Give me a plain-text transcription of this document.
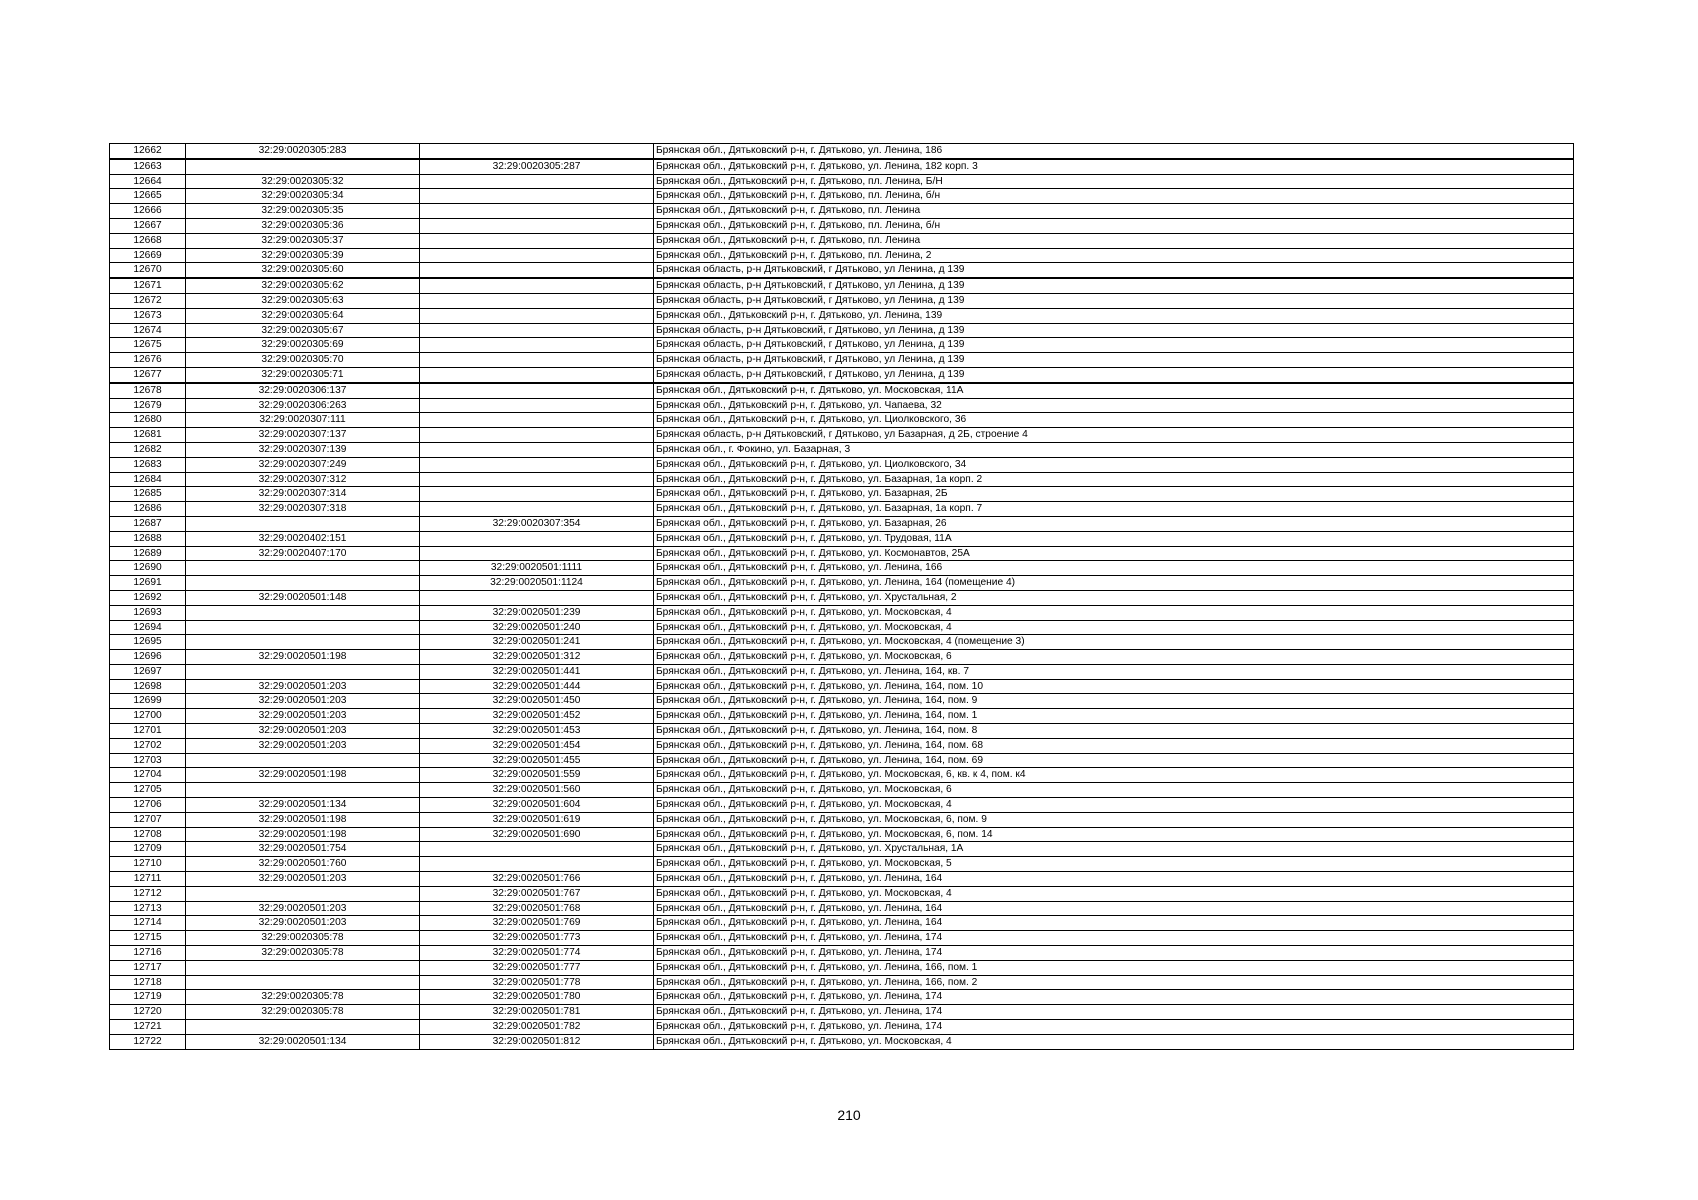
12662	32:29:0020305:283		Брянская обл., Дятьковский р-н, г. Дятьково, ул. Ленина, 186
12663		32:29:0020305:287	Брянская обл., Дятьковский р-н, г. Дятьково, ул. Ленина, 182 корп. 3
12664	32:29:0020305:32		Брянская обл., Дятьковский р-н, г. Дятьково, пл. Ленина, Б/Н
12665	32:29:0020305:34		Брянская обл., Дятьковский р-н, г. Дятьково, пл. Ленина, б/н
12666	32:29:0020305:35		Брянская обл., Дятьковский р-н, г. Дятьково, пл. Ленина
12667	32:29:0020305:36		Брянская обл., Дятьковский р-н, г. Дятьково, пл. Ленина, б/н
12668	32:29:0020305:37		Брянская обл., Дятьковский р-н, г. Дятьково, пл. Ленина
12669	32:29:0020305:39		Брянская обл., Дятьковский р-н, г. Дятьково, пл. Ленина, 2
12670	32:29:0020305:60		Брянская область, р-н Дятьковский, г Дятьково, ул Ленина, д 139
12671	32:29:0020305:62		Брянская область, р-н Дятьковский, г Дятьково, ул Ленина, д 139
12672	32:29:0020305:63		Брянская область, р-н Дятьковский, г Дятьково, ул Ленина, д 139
12673	32:29:0020305:64		Брянская обл., Дятьковский р-н, г. Дятьково, ул. Ленина, 139
12674	32:29:0020305:67		Брянская область, р-н Дятьковский, г Дятьково, ул Ленина, д 139
12675	32:29:0020305:69		Брянская область, р-н Дятьковский, г Дятьково, ул Ленина, д 139
12676	32:29:0020305:70		Брянская область, р-н Дятьковский, г Дятьково, ул Ленина, д 139
12677	32:29:0020305:71		Брянская область, р-н Дятьковский, г Дятьково, ул Ленина, д 139
12678	32:29:0020306:137		Брянская обл., Дятьковский р-н, г. Дятьково, ул. Московская, 11А
12679	32:29:0020306:263		Брянская обл., Дятьковский р-н, г. Дятьково, ул. Чапаева, 32
12680	32:29:0020307:111		Брянская обл., Дятьковский р-н, г. Дятьково, ул. Циолковского, 36
12681	32:29:0020307:137		Брянская область, р-н Дятьковский, г Дятьково, ул Базарная, д 2Б, строение 4
12682	32:29:0020307:139		Брянская обл., г. Фокино, ул. Базарная, 3
12683	32:29:0020307:249		Брянская обл., Дятьковский р-н, г. Дятьково, ул. Циолковского, 34
12684	32:29:0020307:312		Брянская обл., Дятьковский р-н, г. Дятьково, ул. Базарная, 1а корп. 2
12685	32:29:0020307:314		Брянская обл., Дятьковский р-н, г. Дятьково, ул. Базарная, 2Б
12686	32:29:0020307:318		Брянская обл., Дятьковский р-н, г. Дятьково, ул. Базарная, 1а корп. 7
12687		32:29:0020307:354	Брянская обл., Дятьковский р-н, г. Дятьково, ул. Базарная, 26
12688	32:29:0020402:151		Брянская обл., Дятьковский р-н, г. Дятьково, ул. Трудовая, 11А
12689	32:29:0020407:170		Брянская обл., Дятьковский р-н, г. Дятьково, ул. Космонавтов, 25А
12690		32:29:0020501:1111	Брянская обл., Дятьковский р-н, г. Дятьково, ул. Ленина, 166
12691		32:29:0020501:1124	Брянская обл., Дятьковский р-н, г. Дятьково, ул. Ленина, 164 (помещение 4)
12692	32:29:0020501:148		Брянская обл., Дятьковский р-н, г. Дятьково, ул. Хрустальная, 2
12693		32:29:0020501:239	Брянская обл., Дятьковский р-н, г. Дятьково, ул. Московская, 4
12694		32:29:0020501:240	Брянская обл., Дятьковский р-н, г. Дятьково, ул. Московская, 4
12695		32:29:0020501:241	Брянская обл., Дятьковский р-н, г. Дятьково, ул. Московская, 4 (помещение 3)
12696	32:29:0020501:198	32:29:0020501:312	Брянская обл., Дятьковский р-н, г. Дятьково, ул. Московская, 6
12697		32:29:0020501:441	Брянская обл., Дятьковский р-н, г. Дятьково, ул. Ленина, 164, кв. 7
12698	32:29:0020501:203	32:29:0020501:444	Брянская обл., Дятьковский р-н, г. Дятьково, ул. Ленина, 164, пом. 10
12699	32:29:0020501:203	32:29:0020501:450	Брянская обл., Дятьковский р-н, г. Дятьково, ул. Ленина, 164, пом. 9
12700	32:29:0020501:203	32:29:0020501:452	Брянская обл., Дятьковский р-н, г. Дятьково, ул. Ленина, 164, пом. 1
12701	32:29:0020501:203	32:29:0020501:453	Брянская обл., Дятьковский р-н, г. Дятьково, ул. Ленина, 164, пом. 8
12702	32:29:0020501:203	32:29:0020501:454	Брянская обл., Дятьковский р-н, г. Дятьково, ул. Ленина, 164, пом. 68
12703		32:29:0020501:455	Брянская обл., Дятьковский р-н, г. Дятьково, ул. Ленина, 164, пом. 69
12704	32:29:0020501:198	32:29:0020501:559	Брянская обл., Дятьковский р-н, г. Дятьково, ул. Московская, 6, кв. к 4, пом. к4
12705		32:29:0020501:560	Брянская обл., Дятьковский р-н, г. Дятьково, ул. Московская, 6
12706	32:29:0020501:134	32:29:0020501:604	Брянская обл., Дятьковский р-н, г. Дятьково, ул. Московская, 4
12707	32:29:0020501:198	32:29:0020501:619	Брянская обл., Дятьковский р-н, г. Дятьково, ул. Московская, 6, пом. 9
12708	32:29:0020501:198	32:29:0020501:690	Брянская обл., Дятьковский р-н, г. Дятьково, ул. Московская, 6, пом. 14
12709	32:29:0020501:754		Брянская обл., Дятьковский р-н, г. Дятьково, ул. Хрустальная, 1А
12710	32:29:0020501:760		Брянская обл., Дятьковский р-н, г. Дятьково, ул. Московская, 5
12711	32:29:0020501:203	32:29:0020501:766	Брянская обл., Дятьковский р-н, г. Дятьково, ул. Ленина, 164
12712		32:29:0020501:767	Брянская обл., Дятьковский р-н, г. Дятьково, ул. Московская, 4
12713	32:29:0020501:203	32:29:0020501:768	Брянская обл., Дятьковский р-н, г. Дятьково, ул. Ленина, 164
12714	32:29:0020501:203	32:29:0020501:769	Брянская обл., Дятьковский р-н, г. Дятьково, ул. Ленина, 164
12715	32:29:0020305:78	32:29:0020501:773	Брянская обл., Дятьковский р-н, г. Дятьково, ул. Ленина, 174
12716	32:29:0020305:78	32:29:0020501:774	Брянская обл., Дятьковский р-н, г. Дятьково, ул. Ленина, 174
12717		32:29:0020501:777	Брянская обл., Дятьковский р-н, г. Дятьково, ул. Ленина, 166, пом. 1
12718		32:29:0020501:778	Брянская обл., Дятьковский р-н, г. Дятьково, ул. Ленина, 166, пом. 2
12719	32:29:0020305:78	32:29:0020501:780	Брянская обл., Дятьковский р-н, г. Дятьково, ул. Ленина, 174
12720	32:29:0020305:78	32:29:0020501:781	Брянская обл., Дятьковский р-н, г. Дятьково, ул. Ленина, 174
12721		32:29:0020501:782	Брянская обл., Дятьковский р-н, г. Дятьково, ул. Ленина, 174
12722	32:29:0020501:134	32:29:0020501:812	Брянская обл., Дятьковский р-н, г. Дятьково, ул. Московская, 4
210
